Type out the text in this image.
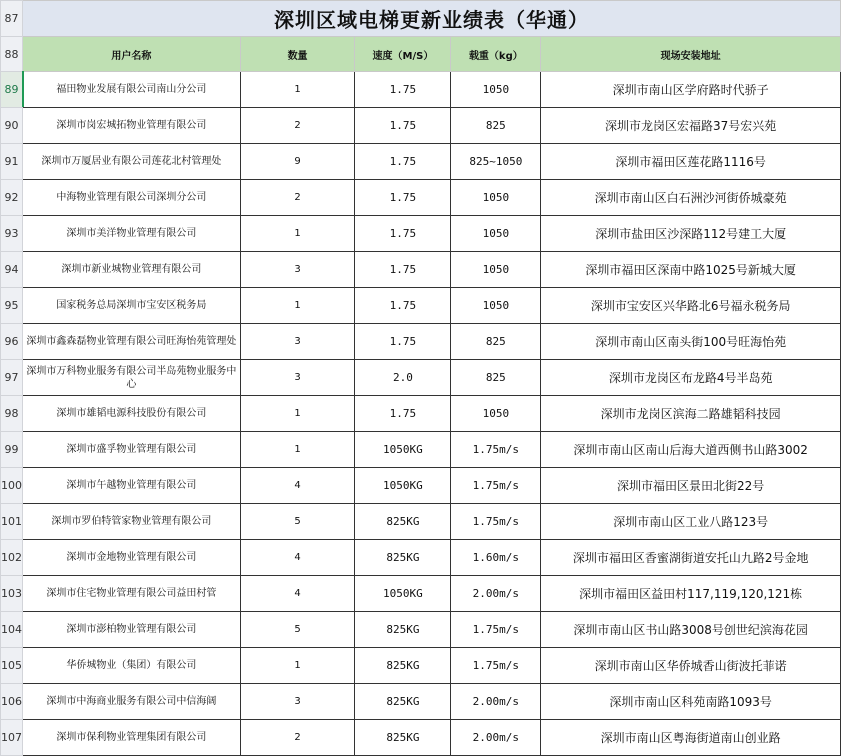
87	深圳区域电梯更新业绩表（华通）				
88	用户名称	数量	速度（M/S）	载重（kg）	现场安装地址
89	福田物业发展有限公司南山分公司	1	1.75	1050	深圳市南山区学府路时代骄子
90	深圳市岗宏城拓物业管理有限公司	2	1.75	825	深圳市龙岗区宏福路37号宏兴苑
91	深圳市万厦居业有限公司莲花北村管理处	9	1.75	825~1050	深圳市福田区莲花路1116号
92	中海物业管理有限公司深圳分公司	2	1.75	1050	深圳市南山区白石洲沙河街侨城豪苑
93	深圳市美洋物业管理有限公司	1	1.75	1050	深圳市盐田区沙深路112号建工大厦
94	深圳市新业城物业管理有限公司	3	1.75	1050	深圳市福田区深南中路1025号新城大厦
95	国家税务总局深圳市宝安区税务局	1	1.75	1050	深圳市宝安区兴华路北6号福永税务局
96	深圳市鑫森磊物业管理有限公司旺海怡苑管理处	3	1.75	825	深圳市南山区南头街100号旺海怡苑
97	深圳市万科物业服务有限公司半岛苑物业服务中心	3	2.0	825	深圳市龙岗区布龙路4号半岛苑
98	深圳市雄韬电源科技股份有限公司	1	1.75	1050	深圳市龙岗区滨海二路雄韬科技园
99	深圳市盛孚物业管理有限公司	1	1050KG	1.75m/s	深圳市南山区南山后海大道西侧书山路3002
100	深圳市午越物业管理有限公司	4	1050KG	1.75m/s	深圳市福田区景田北街22号
101	深圳市罗伯特管家物业管理有限公司	5	825KG	1.75m/s	深圳市南山区工业八路123号
102	深圳市金地物业管理有限公司	4	825KG	1.60m/s	深圳市福田区香蜜湖街道安托山九路2号金地
103	深圳市住宅物业管理有限公司益田村管	4	1050KG	2.00m/s	深圳市福田区益田村117,119,120,121栋
104	深圳市澎柏物业管理有限公司	5	825KG	1.75m/s	深圳市南山区书山路3008号创世纪滨海花园
105	华侨城物业（集团）有限公司	1	825KG	1.75m/s	深圳市南山区华侨城香山街波托菲诺
106	深圳市中海商业服务有限公司中信海阔	3	825KG	2.00m/s	深圳市南山区科苑南路1093号
107	深圳市保利物业管理集团有限公司	2	825KG	2.00m/s	深圳市南山区粤海街道南山创业路
